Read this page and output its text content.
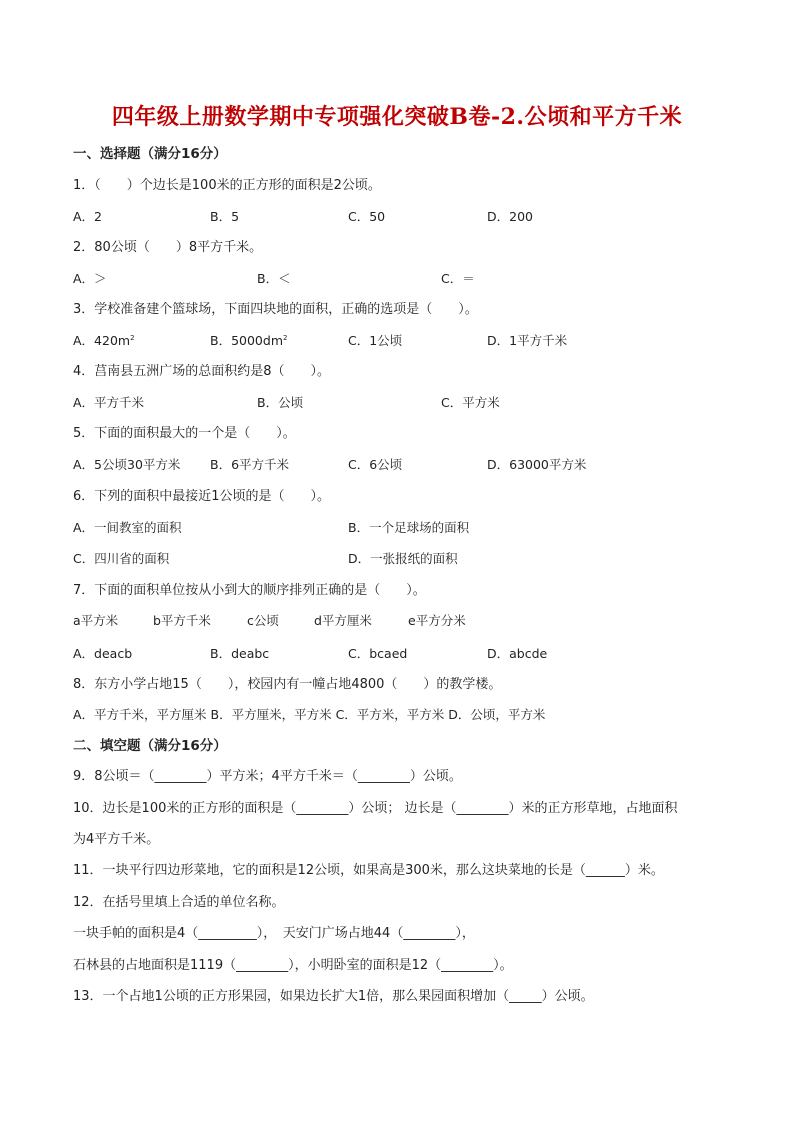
四年级上册数学期中专项强化突破B卷-2.公顷和平方千米
一、选择题（满分16分）
1．（　　）个边长是100米的正方形的面积是2公顷。
A．2	B．5	C．50	D．200
2．80公顷（　　）8平方千米。
A．＞	B．＜	C．＝
3．学校准备建个篮球场，下面四块地的面积，正确的选项是（　　）。
A．$420m^2$	B．$5000dm^2$	C．1公顷	D．1平方千米
4．莒南县五洲广场的总面积约是8（　　）。
A．平方千米	B．公顷	C．平方米
5．下面的面积最大的一个是（　　）。
A．5公顷30平方米 B．6平方千米	C．6公顷	D．63000平方米
6．下列的面积中最接近1公顷的是（　　）。
A．一间教室的面积	B．一个足球场的面积
C．四川省的面积	D．一张报纸的面积
7．下面的面积单位按从小到大的顺序排列正确的是（　　）。
a平方米	b平方千米	c公顷	d平方厘米	e平方分米
A．deacb	B．deabc	C．bcaed	D．abcde
8．东方小学占地15（　　），校园内有一幢占地4800（　　）的教学楼。
A．平方千米，平方厘米 B．平方厘米，平方米 C．平方米，平方米 D．公顷，平方米
二、填空题（满分16分）
9．8公顷＝（________）平方米；4平方千米＝（________）公顷。
10．边长是100米的正方形的面积是（________）公顷； 边长是（________）米的正方形草地，占地面积
为4平方千米。
11．一块平行四边形菜地，它的面积是12公顷，如果高是300米，那么这块菜地的长是（______）米。
12．在括号里填上合适的单位名称。
一块手帕的面积是4（_________），　天安门广场占地44（________），
石林县的占地面积是1119（________），小明卧室的面积是12（________）。
13．一个占地1公顷的正方形果园，如果边长扩大1倍，那么果园面积增加（_____）公顷。
